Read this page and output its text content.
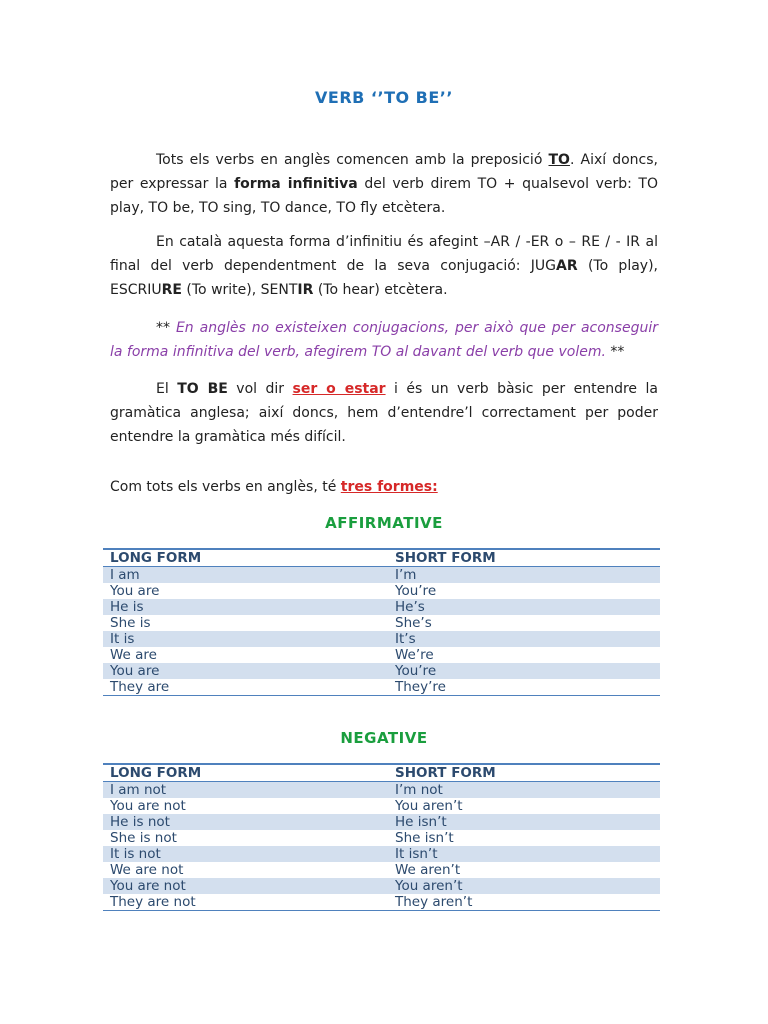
VERB ‘’TO BE’’

Tots els verbs en anglès comencen amb la preposició TO. Així doncs, per expressar la forma infinitiva del verb direm TO + qualsevol verb: TO play, TO be, TO sing, TO dance, TO fly etcètera.

En català aquesta forma d’infinitiu és afegint –AR / -ER o – RE / - IR al final del verb dependentment de la seva conjugació: JUGAR (To play), ESCRIURE (To write), SENTIR (To hear) etcètera.

** En anglès no existeixen conjugacions, per això que per aconseguir la forma infinitiva del verb, afegirem TO al davant del verb que volem. **

El TO BE vol dir ser o estar i és un verb bàsic per entendre la gramàtica anglesa; així doncs, hem d’entendre’l correctament per poder entendre la gramàtica més difícil.

Com tots els verbs en anglès, té tres formes:

AFFIRMATIVE
LONG FORM	SHORT FORM
I am	I’m
You are	You’re
He is	He’s
She is	She’s
It is	It’s
We are	We’re
You are	You’re
They are	They’re
NEGATIVE
LONG FORM	SHORT FORM
I am not	I’m not
You are not	You aren’t
He is not	He isn’t
She is not	She isn’t
It is not	It isn’t
We are not	We aren’t
You are not	You aren’t
They are not	They aren’t
